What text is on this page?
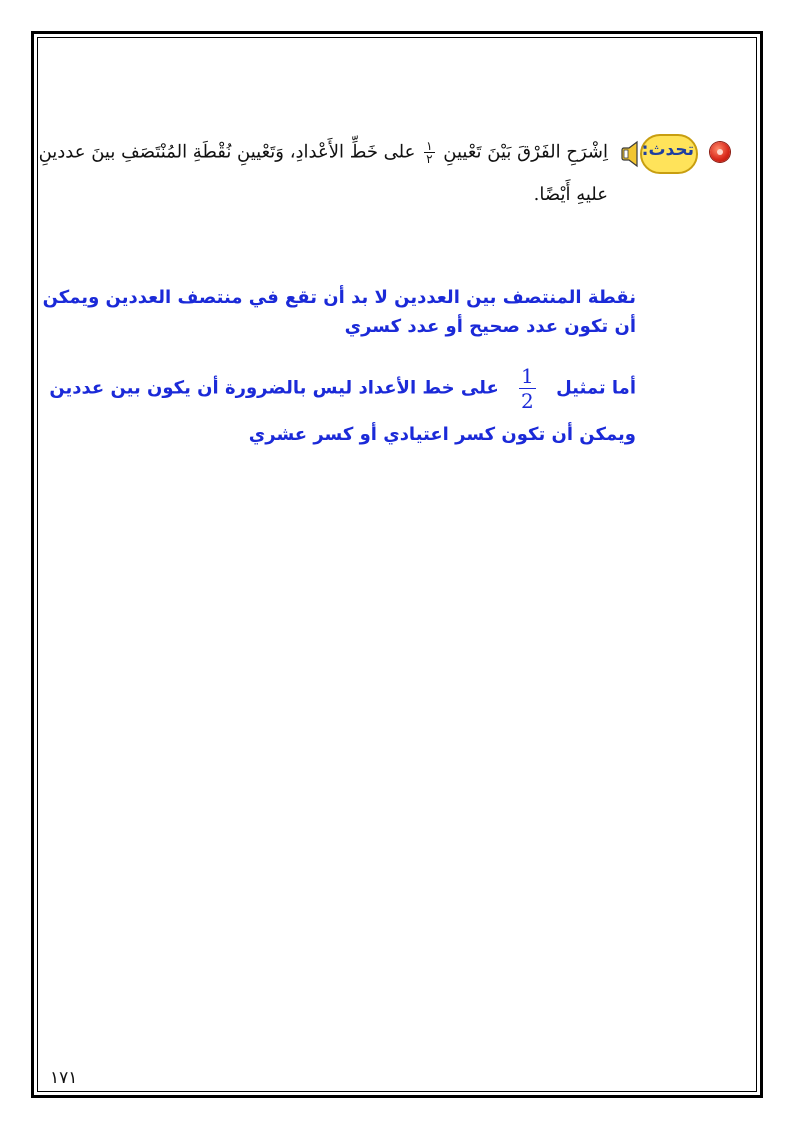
تحدث:
اِشْرَحِ الفَرْقَ بَيْنَ تَعْيينِ
$\frac{١}{٢}$
على خَطِّ الأَعْدادِ، وَتَعْيينِ نُقْطَةِ المُنْتَصَفِ بينَ عددينِ
عليهِ أَيْضًا.
نقطة المنتصف بين العددين لا بد أن تقع في منتصف العددين ويمكن
أن تكون عدد صحيح أو عدد كسري
أما تمثيل
$\frac{1}{2}$
على خط الأعداد ليس بالضرورة أن يكون بين عددين
ويمكن أن تكون كسر اعتيادي أو كسر عشري
١٧١
